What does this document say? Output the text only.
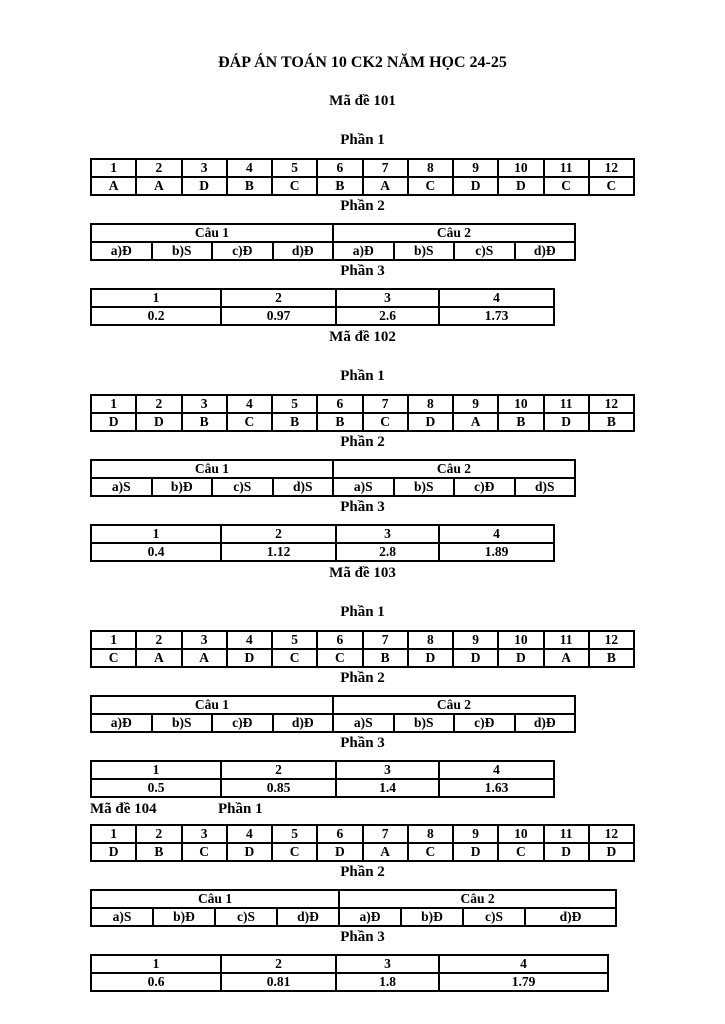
ĐÁP ÁN TOÁN 10 CK2 NĂM HỌC 24-25
Mã đề 101
Phần 1
1	2	3	4	5	6	7	8	9	10	11	12
A	A	D	B	C	B	A	C	D	D	C	C
Phần 2
Câu 1				Câu 2			
a)Đ	b)S	c)Đ	d)Đ	a)Đ	b)S	c)S	d)Đ
Phần 3
1	2	3	4
0.2	0.97	2.6	1.73
Mã đề 102
Phần 1
1	2	3	4	5	6	7	8	9	10	11	12
D	D	B	C	B	B	C	D	A	B	D	B
Phần 2
Câu 1				Câu 2			
a)S	b)Đ	c)S	d)S	a)S	b)S	c)Đ	d)S
Phần 3
1	2	3	4
0.4	1.12	2.8	1.89
Mã đề 103
Phần 1
1	2	3	4	5	6	7	8	9	10	11	12
C	A	A	D	C	C	B	D	D	D	A	B
Phần 2
Câu 1				Câu 2			
a)Đ	b)S	c)Đ	d)Đ	a)S	b)S	c)Đ	d)Đ
Phần 3
1	2	3	4
0.5	0.85	1.4	1.63
Mã đề 104	Phần 1
1	2	3	4	5	6	7	8	9	10	11	12
D	B	C	D	C	D	A	C	D	C	D	D
Phần 2
Câu 1				Câu 2			
a)S	b)Đ	c)S	d)Đ	a)Đ	b)Đ	c)S	d)Đ
Phần 3
1	2	3	4
0.6	0.81	1.8	1.79
